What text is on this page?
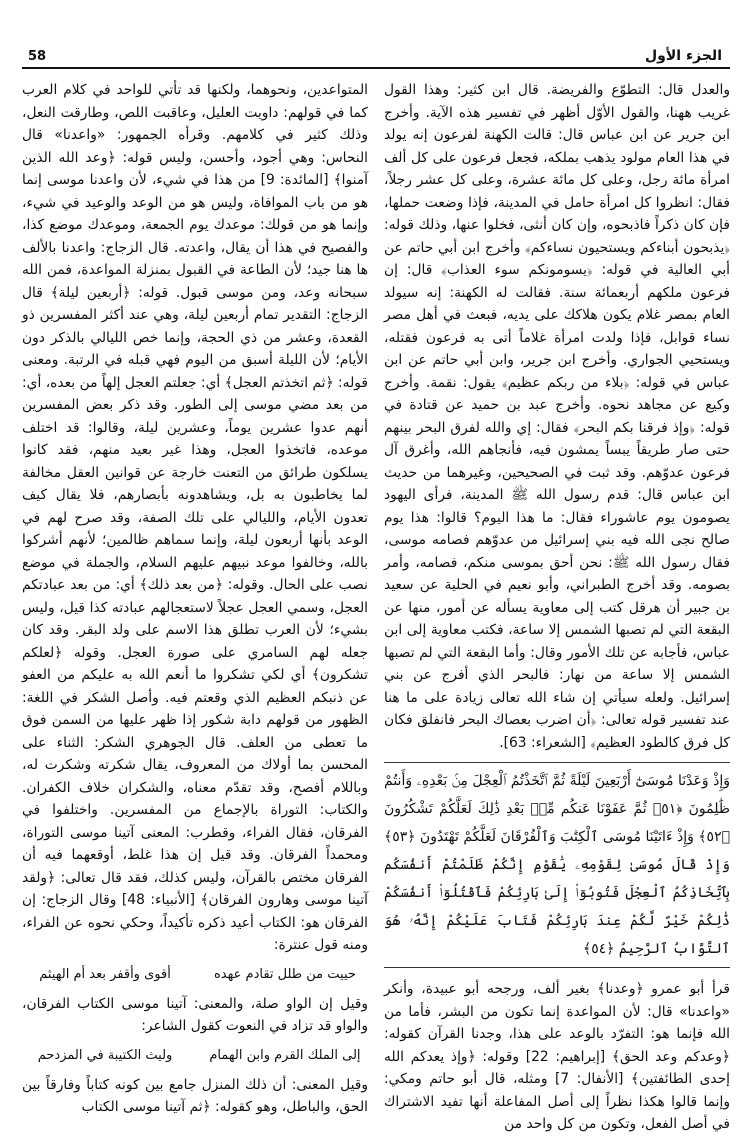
58	الجزء الأول

والعدل قال: التطوّع والفريضة. قال ابن كثير: وهذا القول غريب ههنا، والقول الأوّل أظهر في تفسير هذه الآية. وأخرج ابن جرير عن ابن عباس قال: قالت الكهنة لفرعون إنه يولد في هذا العام مولود يذهب بملكه، فجعل فرعون على كل ألف امرأة مائة رجل، وعلى كل مائة عشرة، وعلى كل عشر رجلاً، فقال: انظروا كل امرأة حامل في المدينة، فإذا وضعت حملها، فإن كان ذكراً فاذبحوه، وإن كان أنثى، فخلوا عنها، وذلك قوله: ﴿يذبحون أبناءكم ويستحيون نساءكم﴾ وأخرج ابن أبي حاتم عن أبي العالية في قوله: ﴿يسومونكم سوء العذاب﴾ قال: إن فرعون ملكهم أربعمائة سنة. فقالت له الكهنة: إنه سيولد العام بمصر غلام يكون هلاكك على يديه، فبعث في أهل مصر نساء قوابل، فإذا ولدت امرأة غلاماً أتى به فرعون فقتله، ويستحيي الجواري. وأخرج ابن جرير، وابن أبي حاتم عن ابن عباس في قوله: ﴿بلاء من ربكم عظيم﴾ يقول: نقمة. وأخرج وكيع عن مجاهد نحوه. وأخرج عبد بن حميد عن قتادة في قوله: ﴿وإذ فرقنا بكم البحر﴾ فقال: إي والله لفرق البحر بينهم حتى صار طريقاً يبساً يمشون فيه، فأنجاهم الله، وأغرق آل فرعون عدوّهم. وقد ثبت في الصحيحين، وغيرهما من حديث ابن عباس قال: قدم رسول الله ﷺ المدينة، فرأى اليهود يصومون يوم عاشوراء فقال: ما هذا اليوم؟ قالوا: هذا يوم صالح نجى الله فيه بني إسرائيل من عدوّهم فصامه موسى، فقال رسول الله ﷺ: نحن أحق بموسى منكم، فصامه، وأمر بصومه. وقد أخرج الطبراني، وأبو نعيم في الحلية عن سعيد بن جبير أن هرقل كتب إلى معاوية يسأله عن أمور، منها عن البقعة التي لم تصبها الشمس إلا ساعة، فكتب معاوية إلى ابن عباس، فأجابه عن تلك الأمور وقال: وأما البقعة التي لم تصبها الشمس إلا ساعة من نهار: فالبحر الذي أفرج عن بني إسرائيل. ولعله سيأتي إن شاء الله تعالى زيادة على ما هنا عند تفسير قوله تعالى: ﴿أن اضرب بعصاك البحر فانفلق فكان كل فرق كالطود العظيم﴾ [الشعراء: 63].

وَإِذْ وَعَدْنَا مُوسَىٰٓ أَرْبَعِينَ لَيْلَةً ثُمَّ ٱتَّخَذْتُمُ ٱلْعِجْلَ مِنۢ بَعْدِهِۦ وَأَنتُمْ ظَٰلِمُونَ ﴿٥١﴾ ثُمَّ عَفَوْنَا عَنكُم مِّنۢ بَعْدِ ذَٰلِكَ لَعَلَّكُمْ تَشْكُرُونَ ﴿٥٢﴾ وَإِذْ ءَاتَيْنَا مُوسَى ٱلْكِتَٰبَ وَٱلْفُرْقَانَ لَعَلَّكُمْ تَهْتَدُونَ ﴿٥٣﴾ وَإِذْ قَالَ مُوسَىٰ لِقَوْمِهِۦ يَٰقَوْمِ إِنَّكُمْ ظَلَمْتُمْ أَنفُسَكُم بِٱتِّخَاذِكُمُ ٱلْعِجْلَ فَتُوبُوٓا۟ إِلَىٰ بَارِئِكُمْ فَٱقْتُلُوٓا۟ أَنفُسَكُمْ ذَٰلِكُمْ خَيْرٌ لَّكُمْ عِندَ بَارِئِكُمْ فَتَابَ عَلَيْكُمْ إِنَّهُۥ هُوَ ٱلتَّوَّابُ ٱلرَّحِيمُ ﴿٥٤﴾

قرأ أبو عمرو ﴿وعدنا﴾ بغير ألف، ورجحه أبو عبيدة، وأنكر «واعدنا» قال: لأن المواعدة إنما تكون من البشر، فأما من الله فإنما هو: التفرّد بالوعد على هذا، وجدنا القرآن كقوله: ﴿وعدكم وعد الحق﴾ [إبراهيم: 22] وقوله: ﴿وإذ يعدكم الله إحدى الطائفتين﴾ [الأنفال: 7] ومثله، قال أبو حاتم ومكي: وإنما قالوا هكذا نظراً إلى أصل المفاعلة أنها تفيد الاشتراك في أصل الفعل، وتكون من كل واحد من

المتواعدين، ونحوهما، ولكنها قد تأتي للواحد في كلام العرب كما في قولهم: داويت العليل، وعاقبت اللص، وطارقت النعل، وذلك كثير في كلامهم. وقرأه الجمهور: «واعدنا» قال النحاس: وهي أجود، وأحسن، وليس قوله: ﴿وعد الله الذين آمنوا﴾ [المائدة: 9] من هذا في شيء، لأن واعدنا موسى إنما هو من باب الموافاة، وليس هو من الوعد والوعيد في شيء، وإنما هو من قولك: موعدك يوم الجمعة، وموعدك موضع كذا، والفصيح في هذا أن يقال، واعدته. قال الزجاج: واعدنا بالألف ها هنا جيد؛ لأن الطاعة في القبول بمنزلة المواعدة، فمن الله سبحانه وعد، ومن موسى قبول. قوله: ﴿أربعين ليلة﴾ قال الزجاج: التقدير تمام أربعين ليلة، وهي عند أكثر المفسرين ذو القعدة، وعشر من ذي الحجة، وإنما خص الليالي بالذكر دون الأيام؛ لأن الليلة أسبق من اليوم فهي قبله في الرتبة. ومعنى قوله: ﴿ثم اتخذتم العجل﴾ أي: جعلتم العجل إلهاً من بعده، أي: من بعد مضي موسى إلى الطور. وقد ذكر بعض المفسرين أنهم عدوا عشرين يوماً، وعشرين ليلة، وقالوا: قد اختلف موعده، فاتخذوا العجل، وهذا غير بعيد منهم، فقد كانوا يسلكون طرائق من التعنت خارجة عن قوانين العقل مخالفة لما يخاطبون به بل، ويشاهدونه بأبصارهم، فلا يقال كيف تعدون الأيام، والليالي على تلك الصفة، وقد صرح لهم في الوعد بأنها أربعون ليلة، وإنما سماهم ظالمين؛ لأنهم أشركوا بالله، وخالفوا موعد نبيهم عليهم السلام، والجملة في موضع نصب على الحال. وقوله: ﴿من بعد ذلك﴾ أي: من بعد عبادتكم العجل، وسمي العجل عجلاً لاستعجالهم عبادته كذا قيل، وليس بشيء؛ لأن العرب تطلق هذا الاسم على ولد البقر. وقد كان جعله لهم السامري على صورة العجل. وقوله ﴿لعلكم تشكرون﴾ أي لكي تشكروا ما أنعم الله به عليكم من العفو عن ذنبكم العظيم الذي وقعتم فيه. وأصل الشكر في اللغة: الظهور من قولهم دابة شكور إذا ظهر عليها من السمن فوق ما تعطى من العلف. قال الجوهري الشكر: الثناء على المحسن بما أولاك من المعروف، يقال شكرته وشكرت له، وباللام أفصح، وقد تقدّم معناه، والشكران خلاف الكفران. والكتاب: التوراة بالإجماع من المفسرين. واختلفوا في الفرقان، فقال الفراء، وقطرب: المعنى آتينا موسى التوراة، ومحمداً الفرقان. وقد قيل إن هذا غلط، أوقعهما فيه أن الفرقان مختص بالقرآن، وليس كذلك، فقد قال تعالى: ﴿ولقد آتينا موسى وهارون الفرقان﴾ [الأنبياء: 48] وقال الزجاج: إن الفرقان هو: الكتاب أعيد ذكره تأكيداً، وحكي نحوه عن الفراء، ومنه قول عنترة:

حييت من طلل تقادم عهده
أقوى وأقفر بعد أم الهيثم

وقيل إن الواو صلة، والمعنى: آتينا موسى الكتاب الفرقان، والواو قد تزاد في النعوت كقول الشاعر:

إلى الملك القرم وابن الهمام
وليث الكتيبة في المزدحم

وقيل المعنى: أن ذلك المنزل جامع بين كونه كتاباً وفارقاً بين الحق، والباطل، وهو كقوله: ﴿ثم آتينا موسى الكتاب
